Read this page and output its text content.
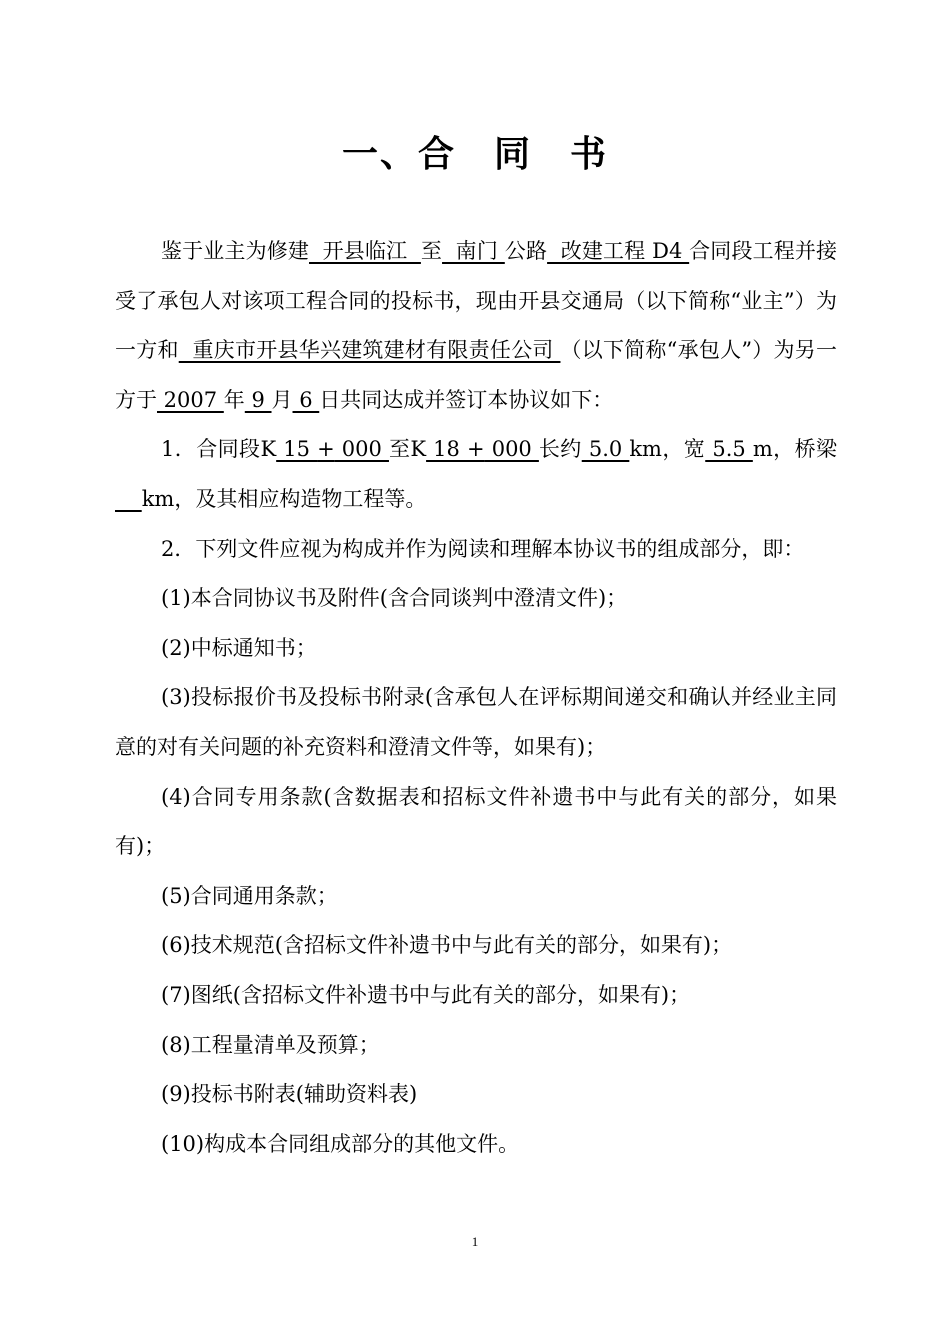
一、合　同　书

鉴于业主为修建  开县临江  至  南门 公路  改建工程 D4 合同段工程并接受了承包人对该项工程合同的投标书，现由开县交通局（以下简称“业主”）为一方和  重庆市开县华兴建筑建材有限责任公司 （以下简称“承包人”）为另一方于 2007 年 9 月 6 日共同达成并签订本协议如下：

1．合同段K 15 + 000 至K 18 + 000 长约 5.0 km，宽 5.5 m，桥梁    km，及其相应构造物工程等。

2．下列文件应视为构成并作为阅读和理解本协议书的组成部分，即：

(1)本合同协议书及附件(含合同谈判中澄清文件)；

(2)中标通知书；

(3)投标报价书及投标书附录(含承包人在评标期间递交和确认并经业主同意的对有关问题的补充资料和澄清文件等，如果有)；

(4)合同专用条款(含数据表和招标文件补遗书中与此有关的部分，如果有)；

(5)合同通用条款；

(6)技术规范(含招标文件补遗书中与此有关的部分，如果有)；

(7)图纸(含招标文件补遗书中与此有关的部分，如果有)；

(8)工程量清单及预算；

(9)投标书附表(辅助资料表)

(10)构成本合同组成部分的其他文件。

1
